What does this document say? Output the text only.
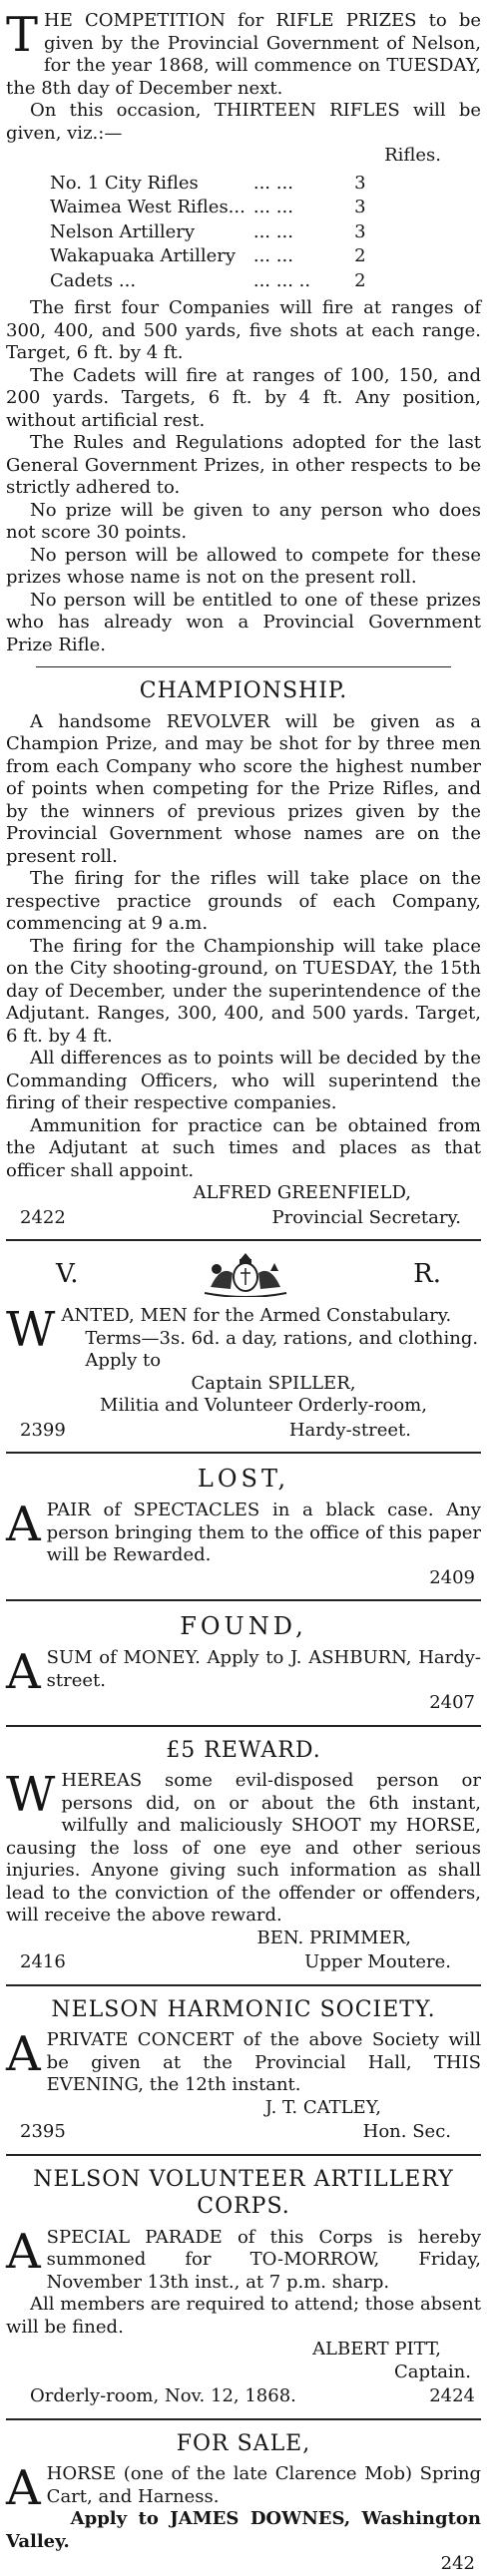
T HE COMPETITION for RIFLE PRIZES to be given by the Provincial Government of Nelson, for the year 1868, will commence on TUESDAY, the 8th day of December next.

On this occasion, THIRTEEN RIFLES will be given, viz.:—

Rifles.
No. 1 City Rifles	... ...	3
Waimea West Rifles...	... ...	3
Nelson Artillery	... ...	3
Wakapuaka Artillery	... ...	2
Cadets ...	... ... ..	2

The first four Companies will fire at ranges of 300, 400, and 500 yards, five shots at each range. Target, 6 ft. by 4 ft.

The Cadets will fire at ranges of 100, 150, and 200 yards. Targets, 6 ft. by 4 ft. Any position, without artificial rest.

The Rules and Regulations adopted for the last General Government Prizes, in other respects to be strictly adhered to.

No prize will be given to any person who does not score 30 points.

No person will be allowed to compete for these prizes whose name is not on the present roll.

No person will be entitled to one of these prizes who has already won a Provincial Government Prize Rifle.

CHAMPIONSHIP.

A handsome REVOLVER will be given as a Champion Prize, and may be shot for by three men from each Company who score the highest number of points when competing for the Prize Rifles, and by the winners of previous prizes given by the Provincial Government whose names are on the present roll.

The firing for the rifles will take place on the respective practice grounds of each Company, commencing at 9 a.m.

The firing for the Championship will take place on the City shooting-ground, on TUESDAY, the 15th day of December, under the superintendence of the Adjutant. Ranges, 300, 400, and 500 yards. Target, 6 ft. by 4 ft.

All differences as to points will be decided by the Commanding Officers, who will superintend the firing of their respective companies.

Ammunition for practice can be obtained from the Adjutant at such times and places as that officer shall appoint.

ALFRED GREENFIELD,
2422	Provincial Secretary.
V.	R.

W ANTED, MEN for the Armed Constabulary.

Terms—3s. 6d. a day, rations, and clothing.

Apply to

Captain SPILLER,
Militia and Volunteer Orderly-room,
2399	Hardy-street.
LOST,

A PAIR of SPECTACLES in a black case. Any person bringing them to the office of this paper will be Rewarded.

2409
FOUND,

A SUM of MONEY. Apply to J. ASHBURN, Hardy-street.

2407
£5 REWARD.

W HEREAS some evil-disposed person or persons did, on or about the 6th instant, wilfully and maliciously SHOOT my HORSE, causing the loss of one eye and other serious injuries. Anyone giving such information as shall lead to the conviction of the offender or offenders, will receive the above reward.

BEN. PRIMMER,
2416	Upper Moutere.
NELSON HARMONIC SOCIETY.

A PRIVATE CONCERT of the above Society will be given at the Provincial Hall, THIS EVENING, the 12th instant.

J. T. CATLEY,
2395	Hon. Sec.
NELSON VOLUNTEER ARTILLERY CORPS.

A SPECIAL PARADE of this Corps is hereby summoned for TO-MORROW, Friday, November 13th inst., at 7 p.m. sharp.

All members are required to attend; those absent will be fined.

ALBERT PITT,
Captain.
Orderly-room, Nov. 12, 1868.	2424
FOR SALE,

A HORSE (one of the late Clarence Mob) Spring Cart, and Harness.

Apply to JAMES DOWNES, Washington Valley.

242
